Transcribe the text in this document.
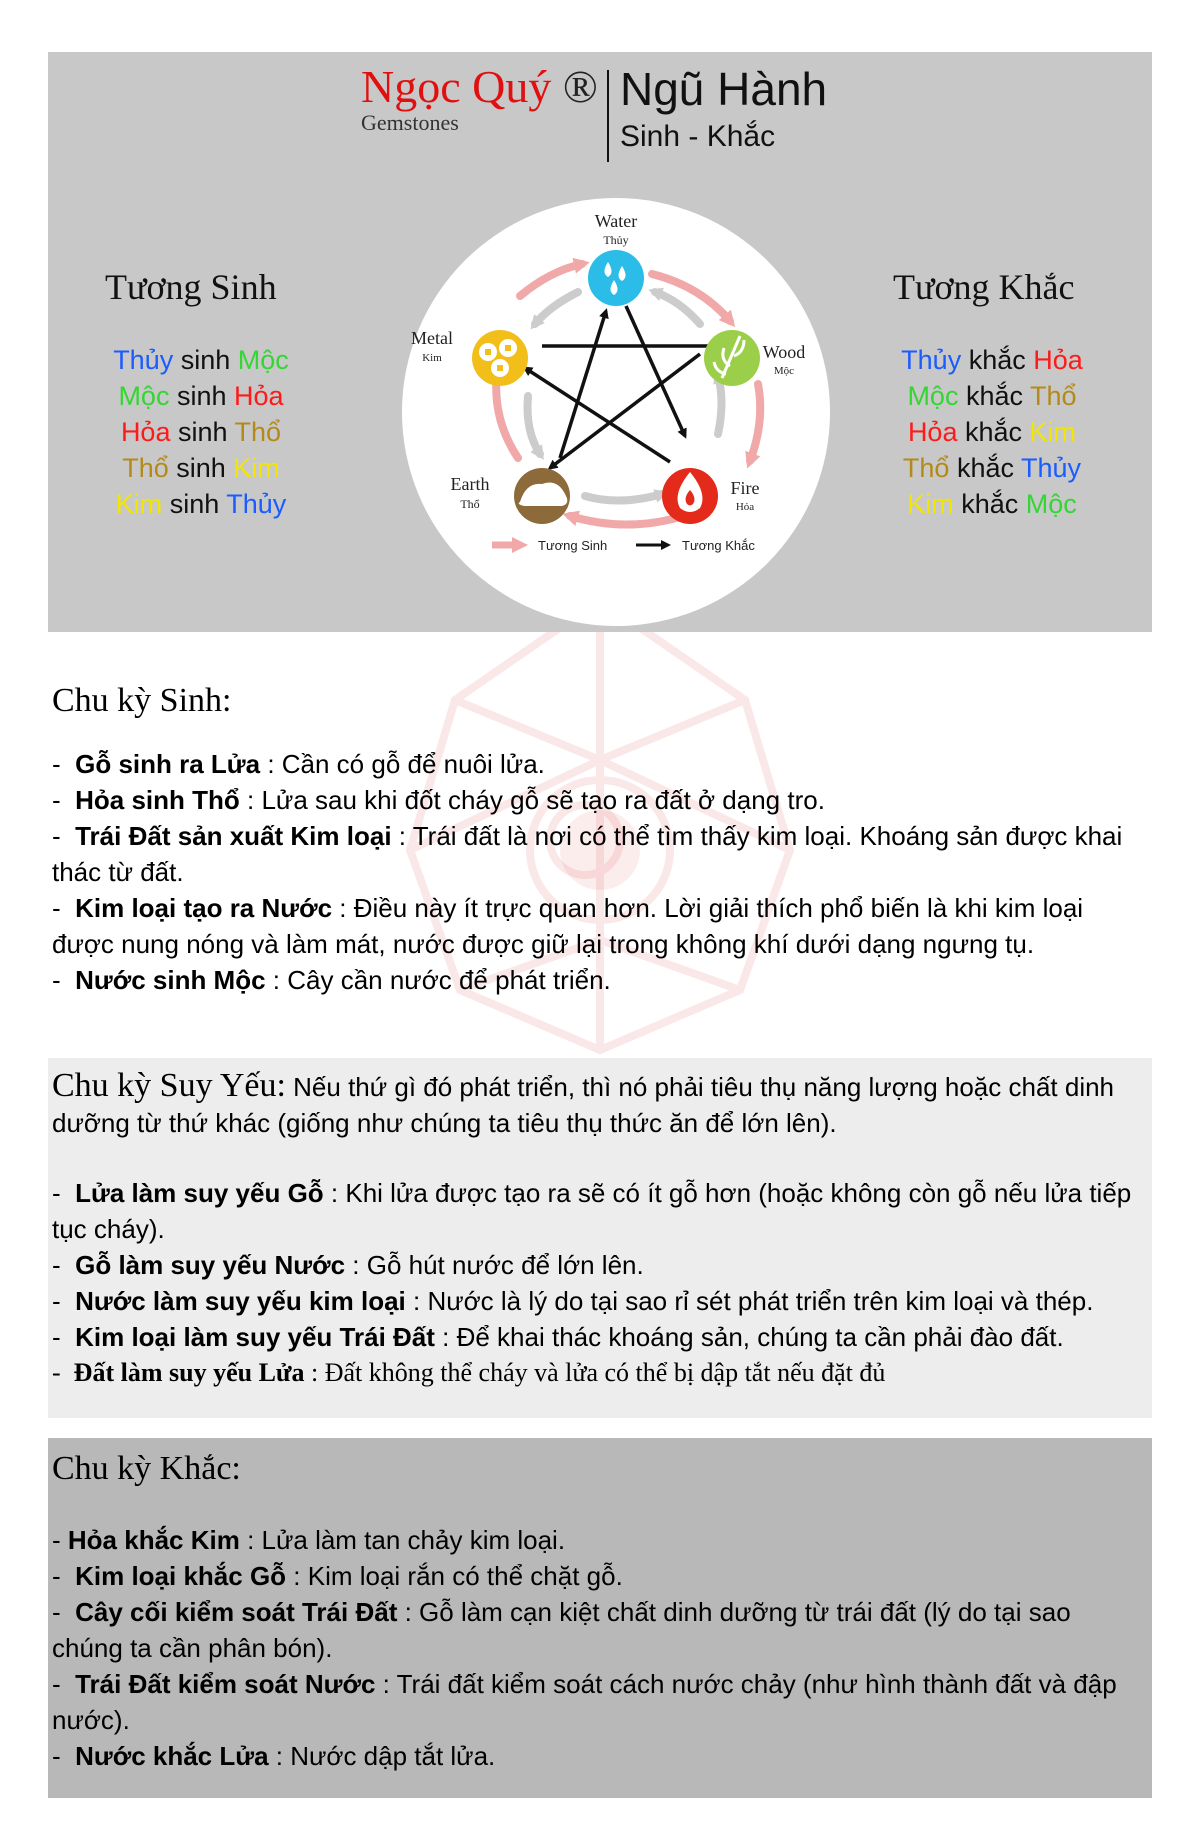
Ngọc Quý ®
Gemstones
Ngũ Hành
Sinh - Khắc
Tương Sinh
Thủy sinh Mộc
Mộc sinh Hỏa
Hỏa sinh Thổ
Thổ sinh Kim
Kim sinh Thủy
Tương Khắc
Thủy khắc Hỏa
Mộc khắc Thổ
Hỏa khắc Kim
Thổ khắc Thủy
Kim khắc Mộc
Water
Thủy
Wood
Mộc
Fire
Hỏa
Earth
Thổ
Metal
Kim
Tương Sinh	Tương Khắc
Chu kỳ Sinh:

-  Gỗ sinh ra Lửa : Cần có gỗ để nuôi lửa.

-  Hỏa sinh Thổ : Lửa sau khi đốt cháy gỗ sẽ tạo ra đất ở dạng tro.

-  Trái Đất sản xuất Kim loại : Trái đất là nơi có thể tìm thấy kim loại. Khoáng sản được khai thác từ đất.

-  Kim loại tạo ra Nước : Điều này ít trực quan hơn. Lời giải thích phổ biến là khi kim loại được nung nóng và làm mát, nước được giữ lại trong không khí dưới dạng ngưng tụ.

-  Nước sinh Mộc : Cây cần nước để phát triển.

Chu kỳ Suy Yếu: Nếu thứ gì đó phát triển, thì nó phải tiêu thụ năng lượng hoặc chất dinh dưỡng từ thứ khác (giống như chúng ta tiêu thụ thức ăn để lớn lên).

-  Lửa làm suy yếu Gỗ : Khi lửa được tạo ra sẽ có ít gỗ hơn (hoặc không còn gỗ nếu lửa tiếp tục cháy).

-  Gỗ làm suy yếu Nước : Gỗ hút nước để lớn lên.

-  Nước làm suy yếu kim loại : Nước là lý do tại sao rỉ sét phát triển trên kim loại và thép.

-  Kim loại làm suy yếu Trái Đất : Để khai thác khoáng sản, chúng ta cần phải đào đất.

-  Đất làm suy yếu Lửa : Đất không thể cháy và lửa có thể bị dập tắt nếu đặt đủ

Chu kỳ Khắc:

- Hỏa khắc Kim : Lửa làm tan chảy kim loại.

-  Kim loại khắc Gỗ : Kim loại rắn có thể chặt gỗ.

-  Cây cối kiểm soát Trái Đất : Gỗ làm cạn kiệt chất dinh dưỡng từ trái đất (lý do tại sao chúng ta cần phân bón).

-  Trái Đất kiểm soát Nước : Trái đất kiểm soát cách nước chảy (như hình thành đất và đập nước).

-  Nước khắc Lửa : Nước dập tắt lửa.
